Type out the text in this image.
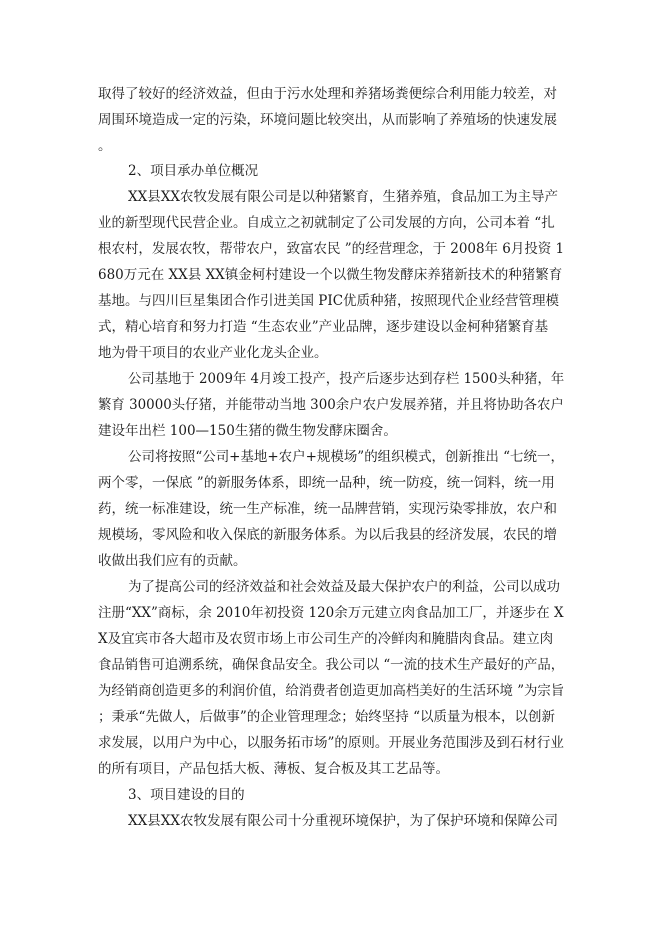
取得了较好的经济效益，但由于污水处理和养猪场粪便综合利用能力较差，对
周围环境造成一定的污染，环境问题比较突出，从而影响了养殖场的快速发展
。
2、项目承办单位概况
XX县XX农牧发展有限公司是以种猪繁育，生猪养殖，食品加工为主导产
业的新型现代民营企业。自成立之初就制定了公司发展的方向，公司本着 “扎
根农村，发展农牧，帮带农户，致富农民 ”的经营理念，于 2008年 6月投资 1
680万元在 XX县 XX镇金柯村建设一个以微生物发酵床养猪新技术的种猪繁育
基地。与四川巨星集团合作引进美国 PIC优质种猪，按照现代企业经营管理模
式，精心培育和努力打造 “生态农业”产业品牌，逐步建设以金柯种猪繁育基
地为骨干项目的农业产业化龙头企业。
公司基地于 2009年 4月竣工投产，投产后逐步达到存栏 1500头种猪，年
繁育 30000头仔猪，并能带动当地 300余户农户发展养猪，并且将协助各农户
建设年出栏 100—150生猪的微生物发酵床圈舍。
公司将按照“公司+基地+农户+规模场”的组织模式，创新推出 “七统一，
两个零，一保底 ”的新服务体系，即统一品种，统一防疫，统一饲料，统一用
药，统一标准建设，统一生产标准，统一品牌营销，实现污染零排放，农户和
规模场，零风险和收入保底的新服务体系。为以后我县的经济发展，农民的增
收做出我们应有的贡献。
为了提高公司的经济效益和社会效益及最大保护农户的利益，公司以成功
注册“XX”商标，余 2010年初投资 120余万元建立肉食品加工厂，并逐步在 X
X及宜宾市各大超市及农贸市场上市公司生产的冷鲜肉和腌腊肉食品。建立肉
食品销售可追溯系统，确保食品安全。我公司以 “一流的技术生产最好的产品，
为经销商创造更多的利润价值，给消费者创造更加高档美好的生活环境 ”为宗旨
；秉承“先做人，后做事”的企业管理理念；始终坚持 “以质量为根本，以创新
求发展，以用户为中心，以服务拓市场”的原则。开展业务范围涉及到石材行业
的所有项目，产品包括大板、薄板、复合板及其工艺品等。
3、项目建设的目的
XX县XX农牧发展有限公司十分重视环境保护，为了保护环境和保障公司
